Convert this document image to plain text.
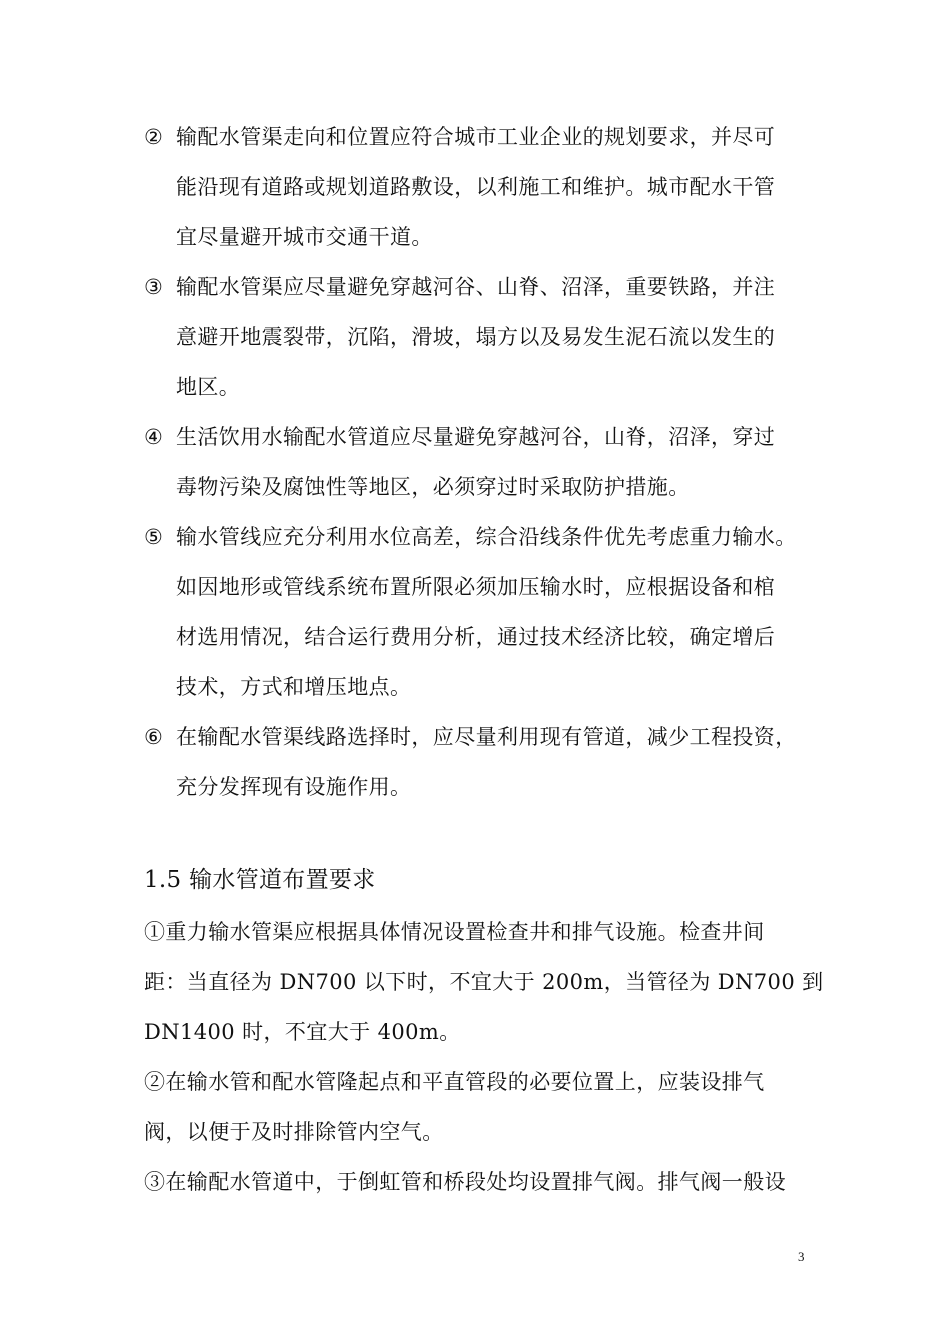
② 输配水管渠走向和位置应符合城市工业企业的规划要求，并尽可
能沿现有道路或规划道路敷设，以利施工和维护。城市配水干管
宜尽量避开城市交通干道。
③ 输配水管渠应尽量避免穿越河谷、山脊、沼泽，重要铁路，并注
意避开地震裂带，沉陷，滑坡，塌方以及易发生泥石流以发生的
地区。
④ 生活饮用水输配水管道应尽量避免穿越河谷，山脊，沼泽，穿过
毒物污染及腐蚀性等地区，必须穿过时采取防护措施。
⑤ 输水管线应充分利用水位高差，综合沿线条件优先考虑重力输水。
如因地形或管线系统布置所限必须加压输水时，应根据设备和棺
材选用情况，结合运行费用分析，通过技术经济比较，确定增后
技术，方式和增压地点。
⑥ 在输配水管渠线路选择时，应尽量利用现有管道，减少工程投资，
充分发挥现有设施作用。
1.5 输水管道布置要求
①重力输水管渠应根据具体情况设置检查井和排气设施。检查井间
距：当直径为 DN700 以下时，不宜大于 200m，当管径为 DN700 到
DN1400 时，不宜大于 400m。
②在输水管和配水管隆起点和平直管段的必要位置上，应装设排气
阀，以便于及时排除管内空气。
③在输配水管道中，于倒虹管和桥段处均设置排气阀。排气阀一般设
3
